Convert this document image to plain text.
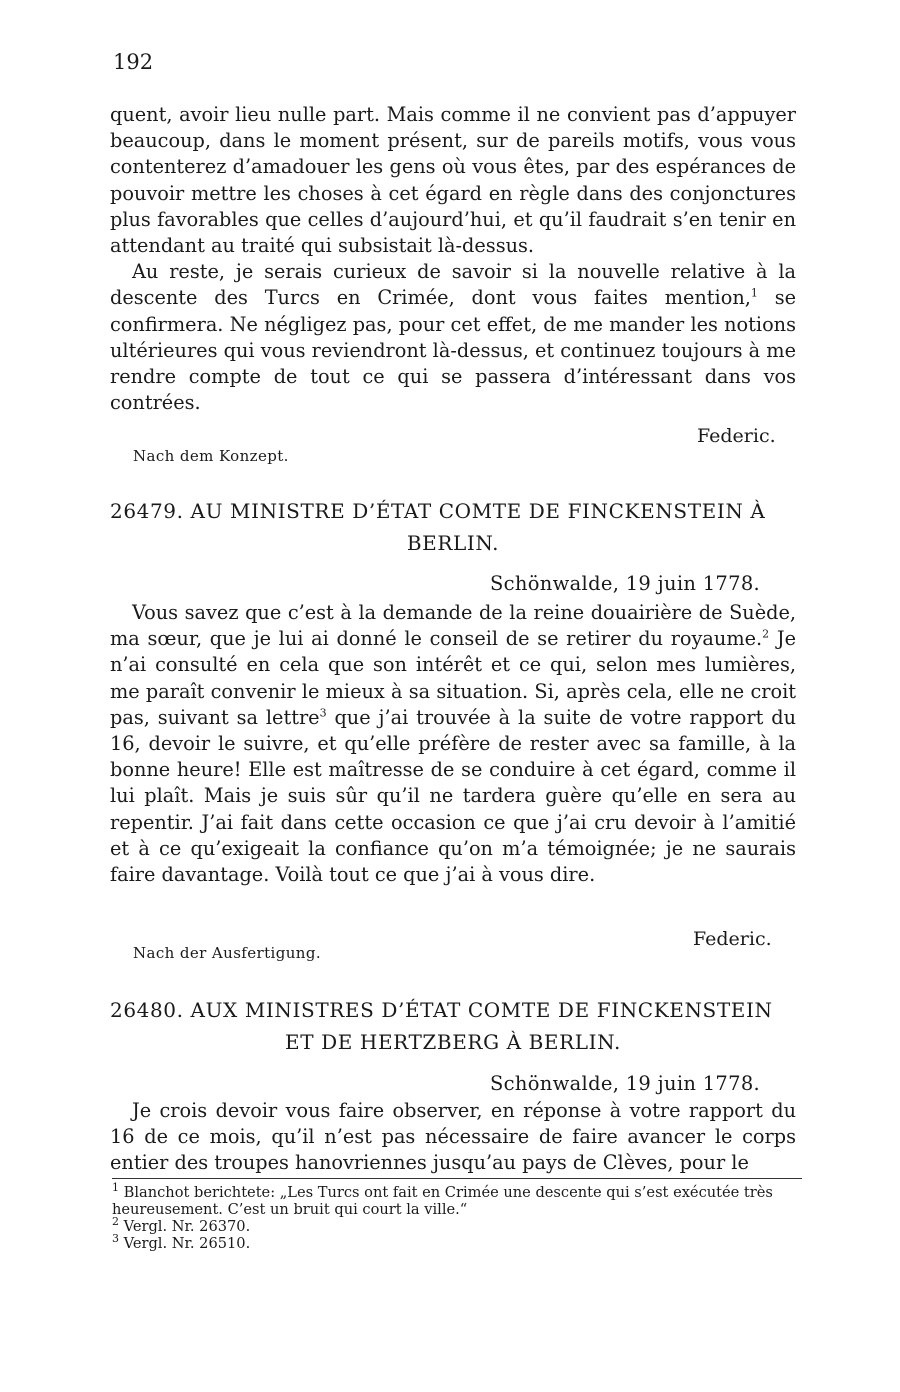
192

quent, avoir lieu nulle part. Mais comme il ne convient pas d’appuyer beaucoup, dans le moment présent, sur de pareils motifs, vous vous contenterez d’amadouer les gens où vous êtes, par des espérances de pouvoir mettre les choses à cet égard en règle dans des conjonctures plus favorables que celles d’aujourd’hui, et qu’il faudrait s’en tenir en attendant au traité qui subsistait là-dessus.

Au reste, je serais curieux de savoir si la nouvelle relative à la descente des Turcs en Crimée, dont vous faites mention,$^1$ se confirmera. Ne négligez pas, pour cet effet, de me mander les notions ultérieures qui vous reviendront là-dessus, et continuez toujours à me rendre compte de tout ce qui se passera d’intéressant dans vos contrées.

Federic.
Nach dem Konzept.
26479. AU MINISTRE D’ÉTAT COMTE DE FINCKENSTEIN À
BERLIN.
Schönwalde, 19 juin 1778.

Vous savez que c’est à la demande de la reine douairière de Suède, ma sœur, que je lui ai donné le conseil de se retirer du royaume.$^2$ Je n’ai consulté en cela que son intérêt et ce qui, selon mes lumières, me paraît convenir le mieux à sa situation. Si, après cela, elle ne croit pas, suivant sa lettre$^3$ que j’ai trouvée à la suite de votre rapport du 16, devoir le suivre, et qu’elle préfère de rester avec sa famille, à la bonne heure! Elle est maîtresse de se conduire à cet égard, comme il lui plaît. Mais je suis sûr qu’il ne tardera guère qu’elle en sera au repentir. J’ai fait dans cette occasion ce que j’ai cru devoir à l’amitié et à ce qu’exigeait la confiance qu’on m’a témoignée; je ne saurais faire davantage. Voilà tout ce que j’ai à vous dire.

Federic.
Nach der Ausfertigung.
26480. AUX MINISTRES D’ÉTAT COMTE DE FINCKENSTEIN
ET DE HERTZBERG À BERLIN.
Schönwalde, 19 juin 1778.

Je crois devoir vous faire observer, en réponse à votre rapport du 16 de ce mois, qu’il n’est pas nécessaire de faire avancer le corps entier des troupes hanovriennes jusqu’au pays de Clèves, pour le

$^1$ Blanchot berichtete: „Les Turcs ont fait en Crimée une descente qui s’est exécutée très heureusement. C’est un bruit qui court la ville.“

$^2$ Vergl. Nr. 26370.

$^3$ Vergl. Nr. 26510.
